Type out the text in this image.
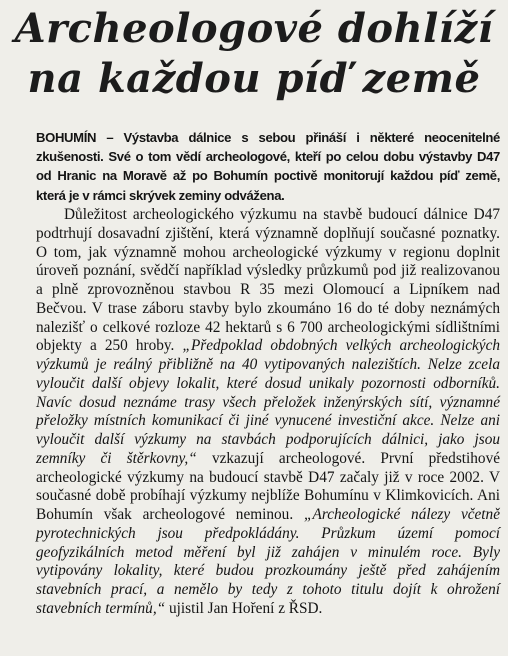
Archeologové dohlíží
na každou píď země
BOHUMÍN – Výstavba dálnice s sebou přináší i některé neocenitelné zkušenosti. Své o tom vědí archeologové, kteří po celou dobu výstavby D47 od Hranic na Moravě až po Bohumín poctivě monitorují každou píď země, která je v rámci skrývek zeminy odvážena.

Důležitost archeologického výzkumu na stavbě budoucí dálnice D47 podtrhují dosavadní zjištění, která významně doplňují současné poznatky. O tom, jak významně mohou archeologické výzkumy v regionu doplnit úroveň poznání, svědčí například výsledky průzkumů pod již realizovanou a plně zprovozněnou stavbou R 35 mezi Olomoucí a Lipníkem nad Bečvou. V trase záboru stavby bylo zkoumáno 16 do té doby neznámých nalezišť o celkové rozloze 42 hektarů s 6 700 archeologickými sídlištními objekty a 250 hroby. „Předpoklad obdobných velkých archeologických výzkumů je reálný přibližně na 40 vytipovaných nalezištích. Nelze zcela vyloučit další objevy lokalit, které dosud unikaly pozornosti odborníků. Navíc dosud neznáme trasy všech přeložek inženýrských sítí, významné přeložky místních komunikací či jiné vynucené investiční akce. Nelze ani vyloučit další výzkumy na stavbách podporujících dálnici, jako jsou zemníky či štěrkovny,“ vzkazují archeologové. První předstihové archeologické výzkumy na budoucí stavbě D47 začaly již v roce 2002. V současné době probíhají výzkumy nejblíže Bohumínu v Klimkovicích. Ani Bohumín však archeologové neminou. „Archeologické nálezy včetně pyrotechnických jsou předpokládány. Průzkum území pomocí geofyzikálních metod měření byl již zahájen v minulém roce. Byly vytipovány lokality, které budou prozkoumány ještě před zahájením stavebních prací, a nemělo by tedy z tohoto titulu dojít k ohrožení stavebních termínů,“ ujistil Jan Hoření z ŘSD.
